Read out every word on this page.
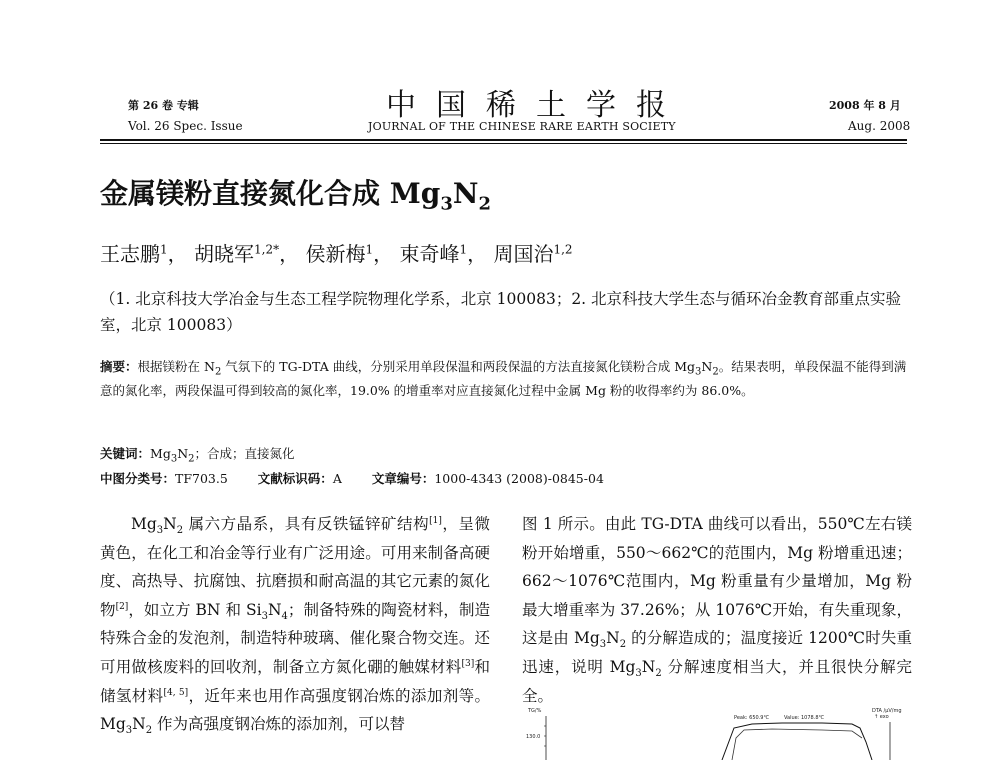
第 26 卷 专辑	中国稀土学报	2008 年 8 月
Vol. 26 Spec. Issue	JOURNAL OF THE CHINESE RARE EARTH SOCIETY	Aug. 2008
金属镁粉直接氮化合成 $Mg_3N_2$
王志鹏$^1$， 胡晓军$^{1,2*}$， 侯新梅$^1$， 束奇峰$^1$， 周国治$^{1,2}$
（1. 北京科技大学冶金与生态工程学院物理化学系，北京 100083；2. 北京科技大学生态与循环冶金教育部重点实验室，北京 100083）
摘要：根据镁粉在 $N_2$ 气氛下的 TG-DTA 曲线，分别采用单段保温和两段保温的方法直接氮化镁粉合成 $Mg_3N_2$。结果表明，单段保温不能得到满意的氮化率，两段保温可得到较高的氮化率，19.0% 的增重率对应直接氮化过程中金属 Mg 粉的收得率约为 86.0%。
关键词：$Mg_3N_2$；合成；直接氮化
中图分类号：TF703.5 文献标识码：A 文章编号：1000-4343 (2008)-0845-04

$Mg_3N_2$ 属六方晶系，具有反铁锰锌矿结构[1]，呈微黄色，在化工和冶金等行业有广泛用途。可用来制备高硬度、高热导、抗腐蚀、抗磨损和耐高温的其它元素的氮化物[2]，如立方 BN 和 $Si_3N_4$；制备特殊的陶瓷材料，制造特殊合金的发泡剂，制造特种玻璃、催化聚合物交连。还可用做核废料的回收剂，制备立方氮化硼的触媒材料[3]和储氢材料[4, 5]，近年来也用作高强度钢冶炼的添加剂等。$Mg_3N_2$ 作为高强度钢冶炼的添加剂，可以替

图 1 所示。由此 TG-DTA 曲线可以看出，550℃左右镁粉开始增重，550～662℃的范围内，Mg 粉增重迅速；662～1076℃范围内，Mg 粉重量有少量增加，Mg 粉最大增重率为 37.26%；从 1076℃开始，有失重现象，这是由 $Mg_3N_2$ 的分解造成的；温度接近 1200℃时失重迅速，说明 $Mg_3N_2$ 分解速度相当大，并且很快分解完全。

TG/%
130.0
Peak: 650.9℃	Value: 1078.8℃
DTA /μV/mg
↑ exo
